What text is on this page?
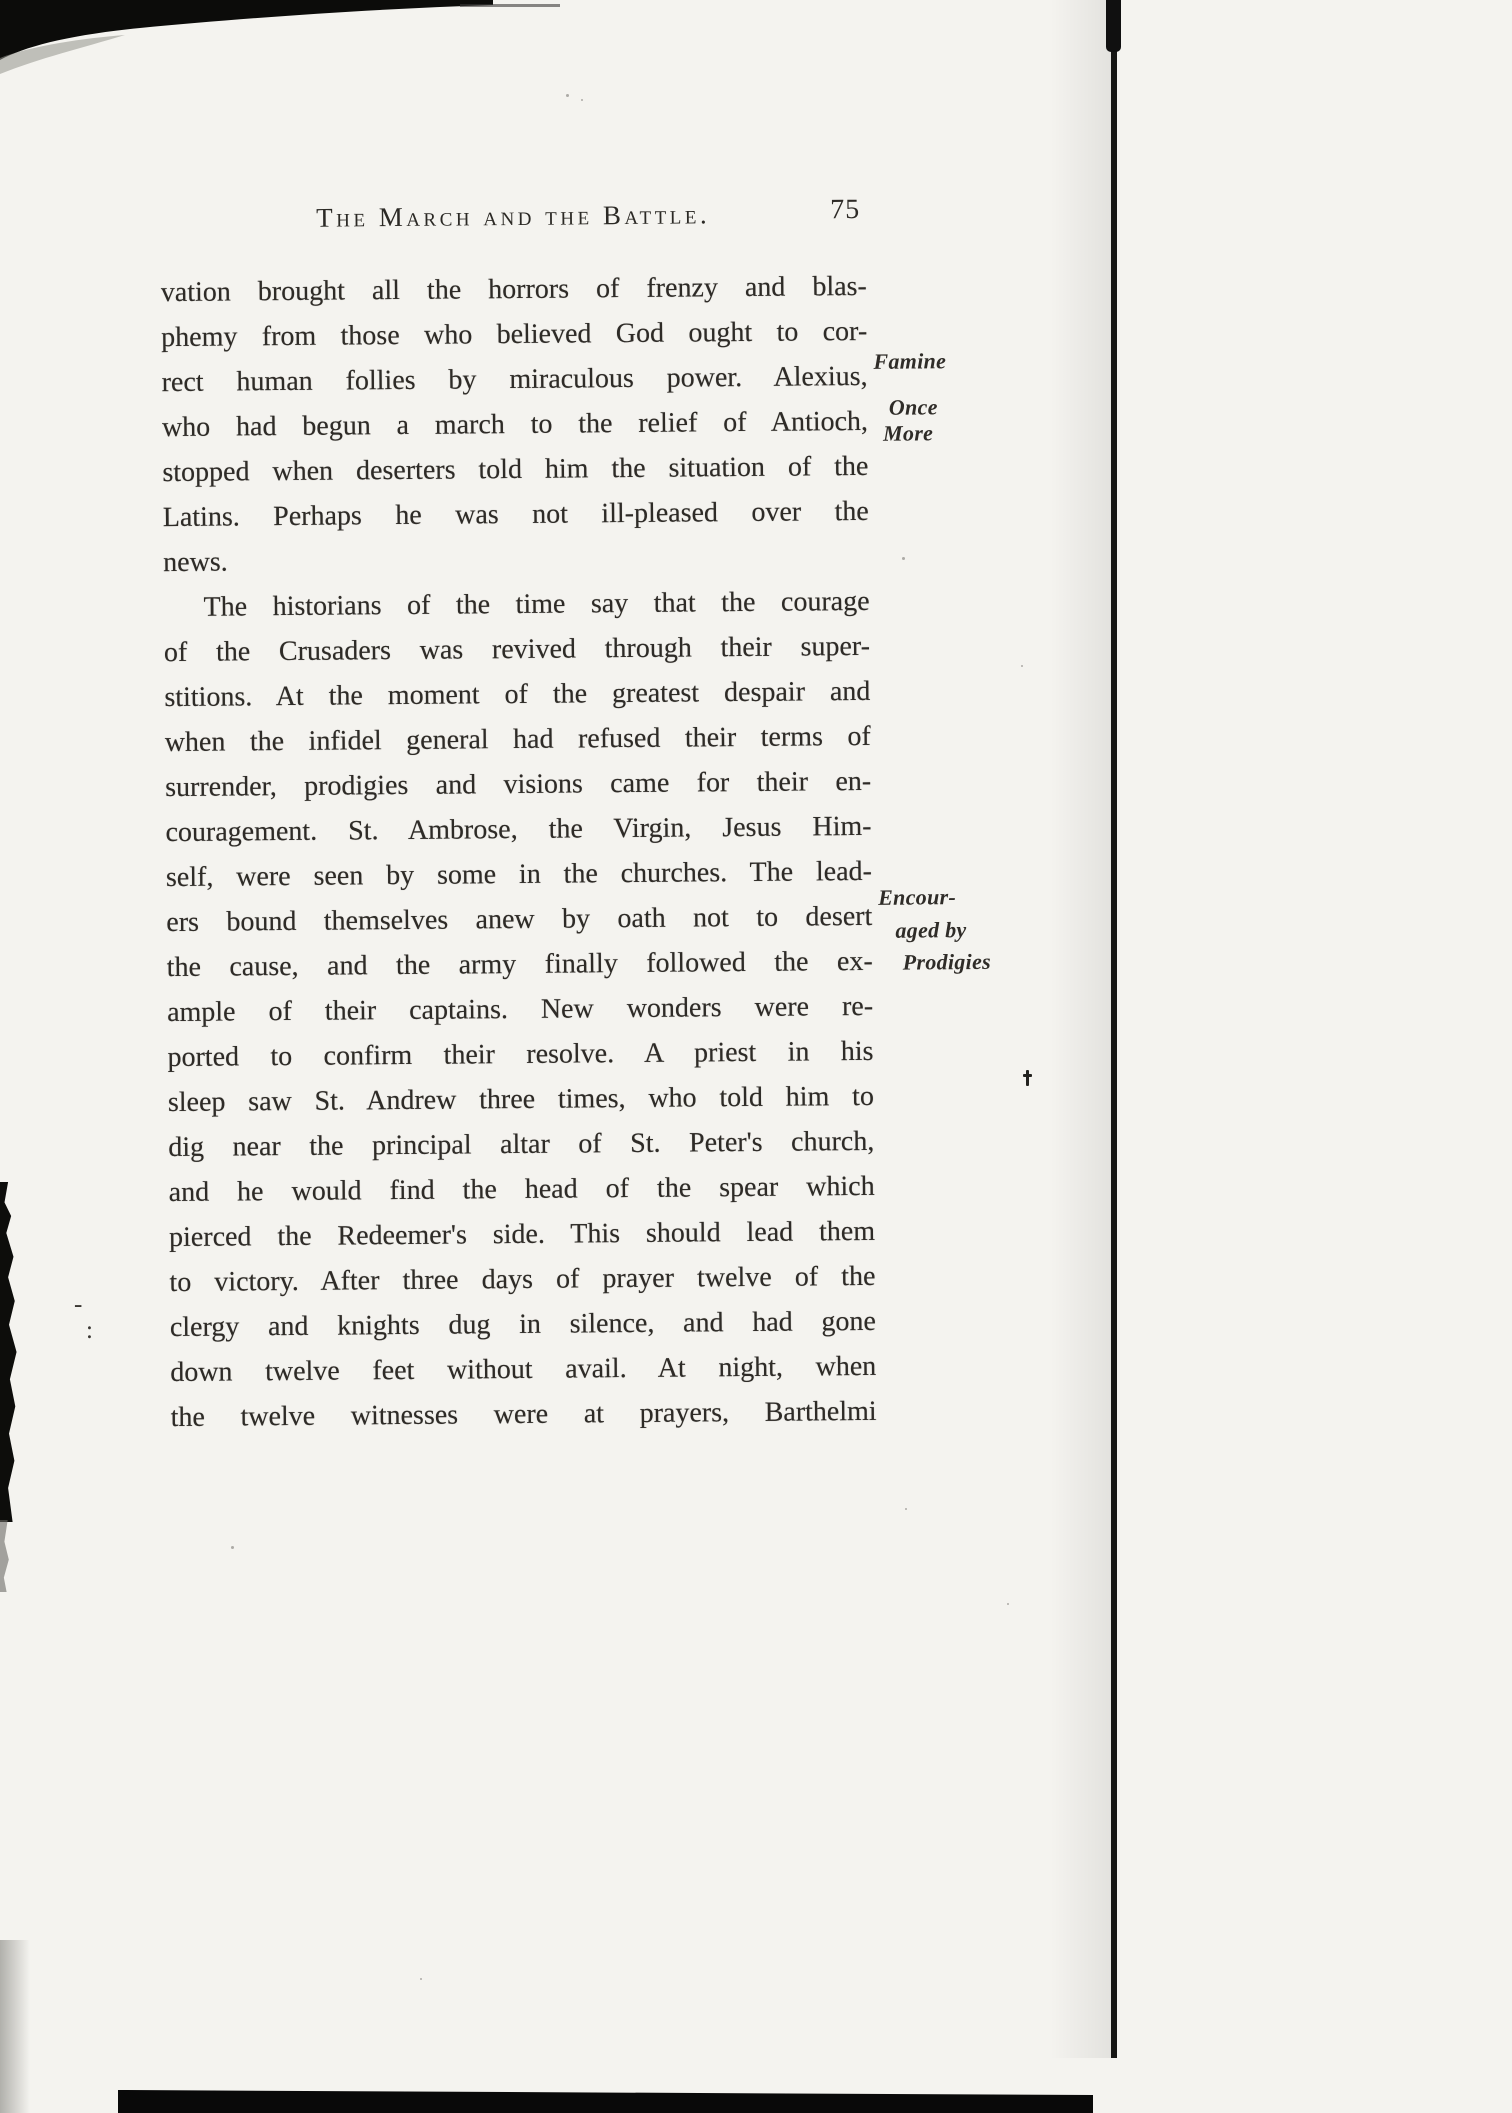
The March and the Battle.	75
vation brought all the horrors of frenzy and blas-
phemy from those who believed God ought to cor-
rect human follies by miraculous power. Alexius,
who had begun a march to the relief of Antioch,
stopped when deserters told him the situation of the
Latins. Perhaps he was not ill-pleased over the
news.
The historians of the time say that the courage
of the Crusaders was revived through their super-
stitions. At the moment of the greatest despair and
when the infidel general had refused their terms of
surrender, prodigies and visions came for their en-
couragement. St. Ambrose, the Virgin, Jesus Him-
self, were seen by some in the churches. The lead-
ers bound themselves anew by oath not to desert
the cause, and the army finally followed the ex-
ample of their captains. New wonders were re-
ported to confirm their resolve. A priest in his
sleep saw St. Andrew three times, who told him to
dig near the principal altar of St. Peter's church,
and he would find the head of the spear which
pierced the Redeemer's side. This should lead them
to victory. After three days of prayer twelve of the
clergy and knights dug in silence, and had gone
down twelve feet without avail. At night, when
the twelve witnesses were at prayers, Barthelmi
Famine
Once
More
Encour-
aged by
Prodigies
-
:
